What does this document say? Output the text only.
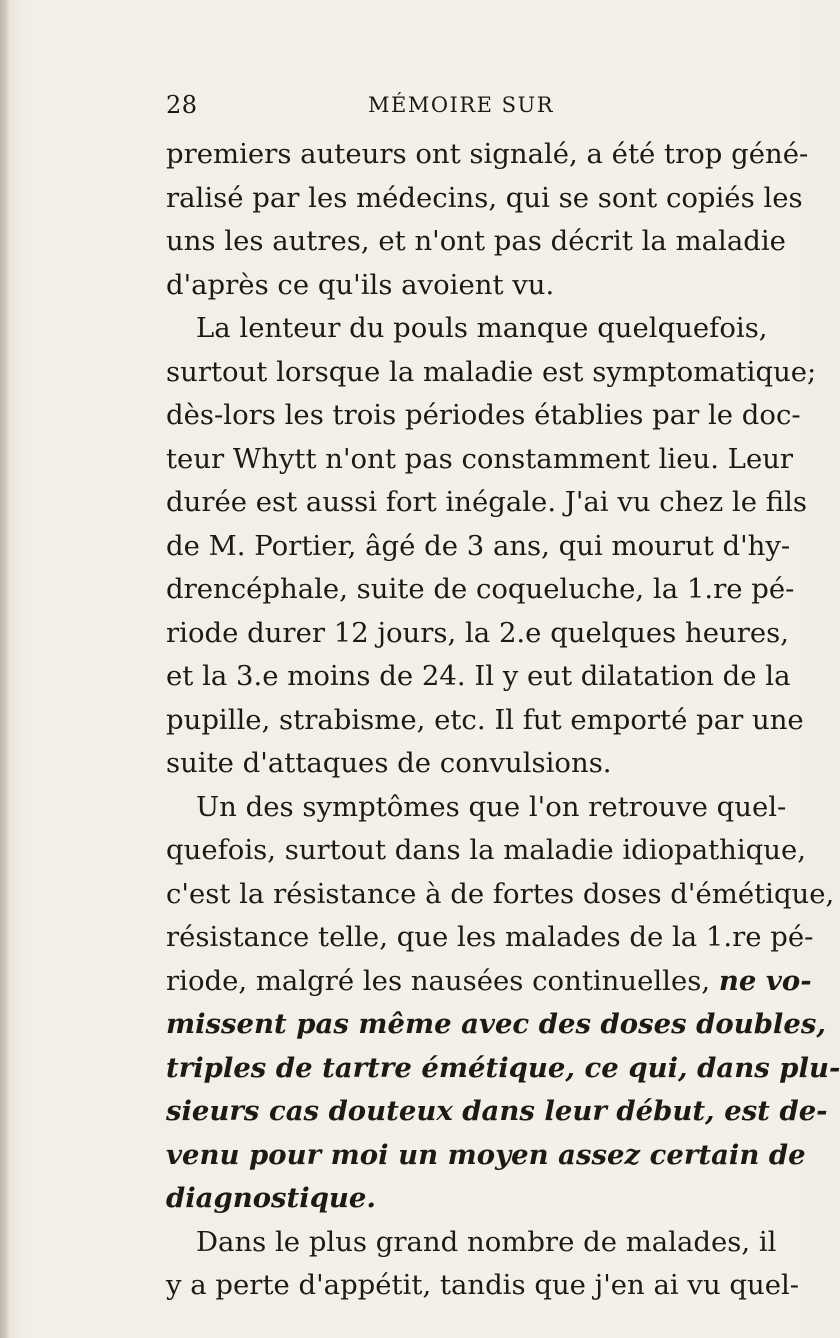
28	MÉMOIRE SUR
premiers auteurs ont signalé, a été trop géné-
ralisé par les médecins, qui se sont copiés les
uns les autres, et n'ont pas décrit la maladie
d'après ce qu'ils avoient vu.
La lenteur du pouls manque quelquefois,
surtout lorsque la maladie est symptomatique;
dès-lors les trois périodes établies par le doc-
teur Whytt n'ont pas constamment lieu. Leur
durée est aussi fort inégale. J'ai vu chez le fils
de M. Portier, âgé de 3 ans, qui mourut d'hy-
drencéphale, suite de coqueluche, la 1.re pé-
riode durer 12 jours, la 2.e quelques heures,
et la 3.e moins de 24. Il y eut dilatation de la
pupille, strabisme, etc. Il fut emporté par une
suite d'attaques de convulsions.
Un des symptômes que l'on retrouve quel-
quefois, surtout dans la maladie idiopathique,
c'est la résistance à de fortes doses d'émétique,
résistance telle, que les malades de la 1.re pé-
riode, malgré les nausées continuelles, ne vo-
missent pas même avec des doses doubles,
triples de tartre émétique, ce qui, dans plu-
sieurs cas douteux dans leur début, est de-
venu pour moi un moyen assez certain de
diagnostique.
Dans le plus grand nombre de malades, il
y a perte d'appétit, tandis que j'en ai vu quel-
